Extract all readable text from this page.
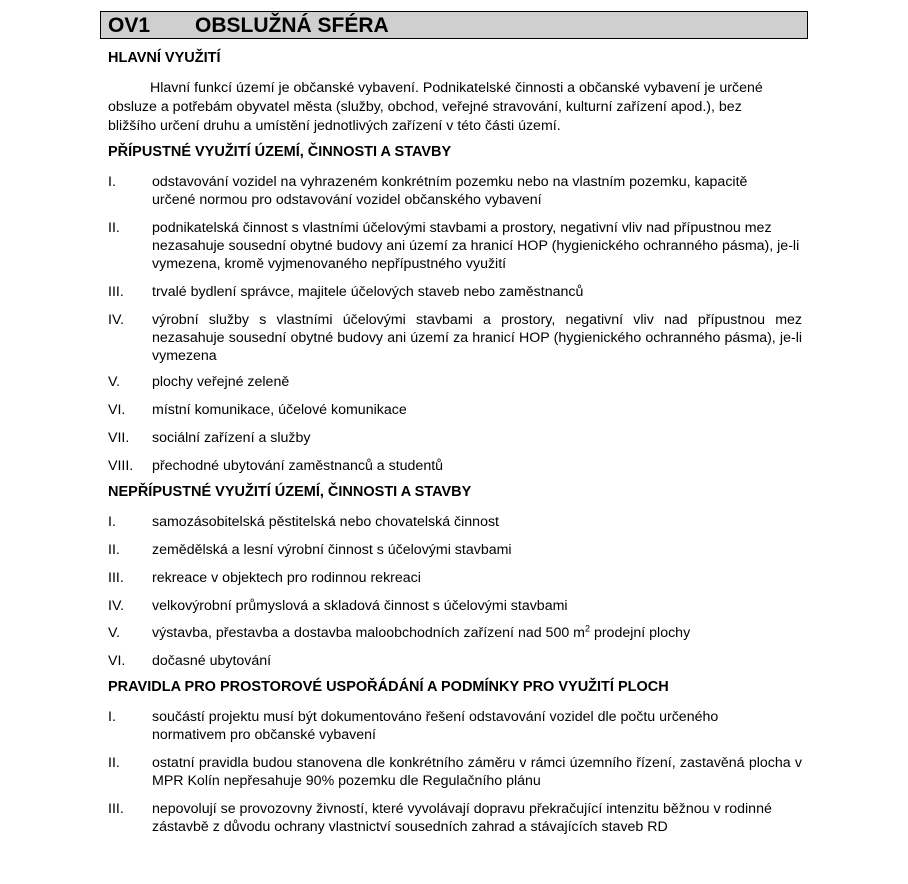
OV1 OBSLUŽNÁ SFÉRA
HLAVNÍ VYUŽITÍ
Hlavní funkcí území je občanské vybavení. Podnikatelské činnosti a občanské vybavení je určené obsluze a potřebám obyvatel města (služby, obchod, veřejné stravování, kulturní zařízení apod.), bez bližšího určení druhu a umístění jednotlivých zařízení v této části území.
PŘÍPUSTNÉ VYUŽITÍ ÚZEMÍ, ČINNOSTI A STAVBY
I.	odstavování vozidel na vyhrazeném konkrétním pozemku nebo na vlastním pozemku, kapacitě určené normou pro odstavování vozidel občanského vybavení
II. podnikatelská činnost s vlastními účelovými stavbami a prostory, negativní vliv nad přípustnou mez nezasahuje sousední obytné budovy ani území za hranicí HOP (hygienického ochranného pásma), je-li vymezena, kromě vyjmenovaného nepřípustného využití
III. trvalé bydlení správce, majitele účelových staveb nebo zaměstnanců
IV. výrobní služby s vlastními účelovými stavbami a prostory, negativní vliv nad přípustnou mez nezasahuje sousední obytné budovy ani území za hranicí HOP (hygienického ochranného pásma), je-li vymezena
V. plochy veřejné zeleně
VI. místní komunikace, účelové komunikace
VII. sociální zařízení a služby
VIII. přechodné ubytování zaměstnanců a studentů
NEPŘÍPUSTNÉ VYUŽITÍ ÚZEMÍ, ČINNOSTI A STAVBY
I.	samozásobitelská pěstitelská nebo chovatelská činnost
II. zemědělská a lesní výrobní činnost s účelovými stavbami
III. rekreace v objektech pro rodinnou rekreaci
IV. velkovýrobní průmyslová a skladová činnost s účelovými stavbami
V. výstavba, přestavba a dostavba maloobchodních zařízení nad 500 $m^2$ prodejní plochy
VI. dočasné ubytování
PRAVIDLA PRO PROSTOROVÉ USPOŘÁDÁNÍ A PODMÍNKY PRO VYUŽITÍ PLOCH
I.	součástí projektu musí být dokumentováno řešení odstavování vozidel dle počtu určeného normativem pro občanské vybavení
II. ostatní pravidla budou stanovena dle konkrétního záměru v rámci územního řízení, zastavěná plocha v MPR Kolín nepřesahuje 90% pozemku dle Regulačního plánu
III. nepovolují se provozovny živností, které vyvolávají dopravu překračující intenzitu běžnou v rodinné zástavbě z důvodu ochrany vlastnictví sousedních zahrad a stávajících staveb RD
